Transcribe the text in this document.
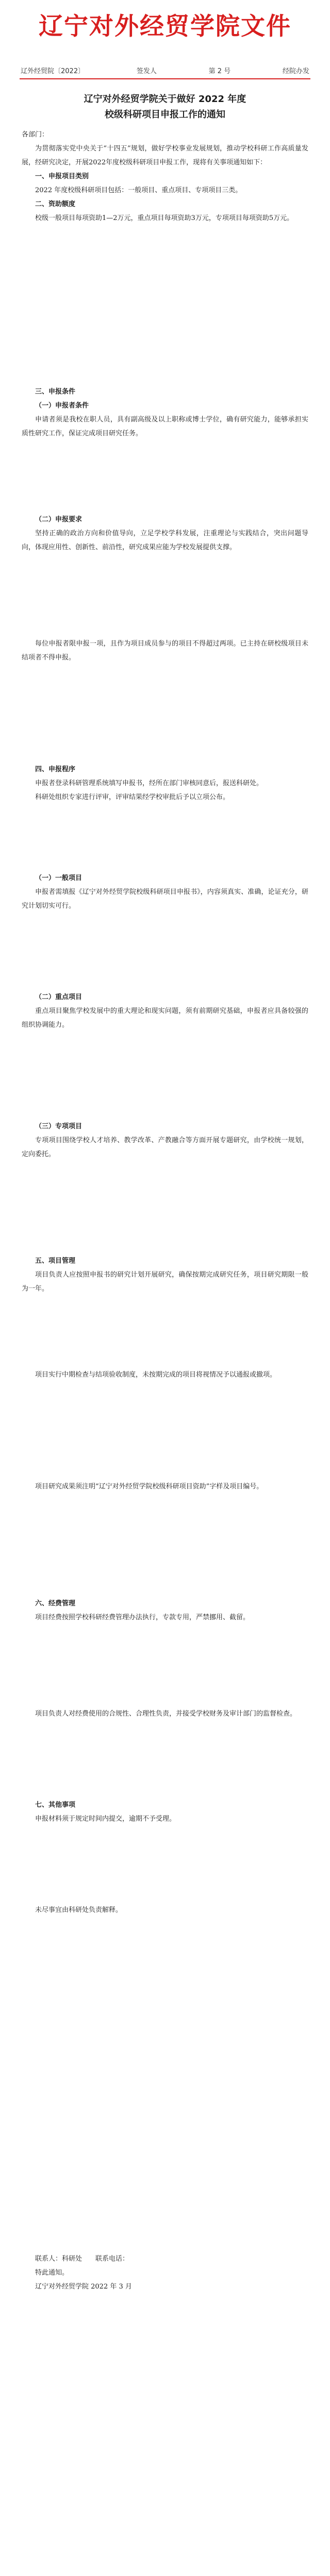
辽宁对外经贸学院文件
辽外经贸院〔2022〕	签发人	第 2 号	经院办发
辽宁对外经贸学院关于做好 2022 年度
校级科研项目申报工作的通知

各部门：

为贯彻落实党中央关于“十四五”规划，做好学校事业发展规划，推动学校科研工作高质量发展，经研究决定，开展2022年度校级科研项目申报工作，现将有关事项通知如下：

一、申报项目类别

2022 年度校级科研项目包括：一般项目、重点项目、专项项目三类。

二、资助额度

校级一般项目每项资助1—2万元，重点项目每项资助3万元，专项项目每项资助5万元。

三、申报条件
（一）申报者条件

申请者须是我校在职人员，具有副高级及以上职称或博士学位，确有研究能力，能够承担实质性研究工作，保证完成项目研究任务。

（二）申报要求

坚持正确的政治方向和价值导向，立足学校学科发展，注重理论与实践结合，突出问题导向，体现应用性、创新性、前沿性，研究成果应能为学校发展提供支撑。

每位申报者限申报一项，且作为项目成员参与的项目不得超过两项。已主持在研校级项目未结项者不得申报。

四、申报程序

申报者登录科研管理系统填写申报书，经所在部门审核同意后，报送科研处。

科研处组织专家进行评审，评审结果经学校审批后予以立项公布。

（一）一般项目

申报者需填报《辽宁对外经贸学院校级科研项目申报书》，内容须真实、准确，论证充分，研究计划切实可行。

（二）重点项目

重点项目聚焦学校发展中的重大理论和现实问题，须有前期研究基础，申报者应具备较强的组织协调能力。

（三）专项项目

专项项目围绕学校人才培养、教学改革、产教融合等方面开展专题研究，由学校统一规划，定向委托。

五、项目管理

项目负责人应按照申报书的研究计划开展研究，确保按期完成研究任务，项目研究期限一般为一年。

项目实行中期检查与结项验收制度，未按期完成的项目将视情况予以通报或撤项。

项目研究成果须注明“辽宁对外经贸学院校级科研项目资助”字样及项目编号。

六、经费管理

项目经费按照学校科研经费管理办法执行，专款专用，严禁挪用、截留。

项目负责人对经费使用的合规性、合理性负责，并接受学校财务及审计部门的监督检查。

七、其他事项

申报材料须于规定时间内提交，逾期不予受理。

未尽事宜由科研处负责解释。

联系人：科研处　　联系电话：

特此通知。

辽宁对外经贸学院 2022 年 3 月
